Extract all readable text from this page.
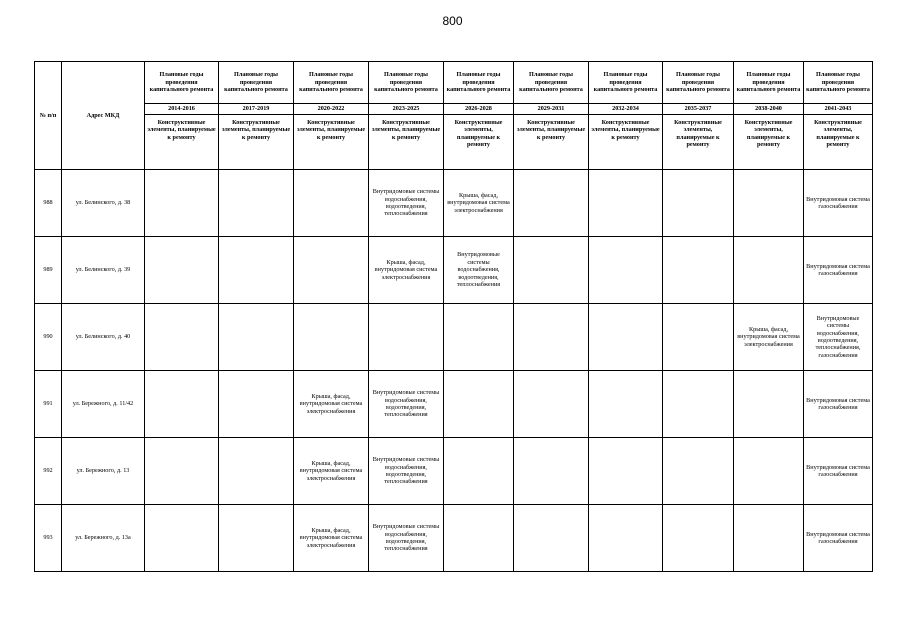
800
№ п/п	Адрес МКД	Плановые годы проведения капитального ремонта	Плановые годы проведения капитального ремонта	Плановые годы проведения капитального ремонта	Плановые годы проведения капитального ремонта	Плановые годы проведения капитального ремонта	Плановые годы проведения капитального ремонта	Плановые годы проведения капитального ремонта	Плановые годы проведения капитального ремонта	Плановые годы проведения капитального ремонта	Плановые годы проведения капитального ремонта
		2014-2016	2017-2019	2020-2022	2023-2025	2026-2028	2029-2031	2032-2034	2035-2037	2038-2040	2041-2043
		Конструктивные элементы, планируемые к ремонту	Конструктивные элементы, планируемые к ремонту	Конструктивные элементы, планируемые к ремонту	Конструктивные элементы, планируемые к ремонту	Конструктивные элементы, планируемые к ремонту	Конструктивные элементы, планируемые к ремонту	Конструктивные элементы, планируемые к ремонту	Конструктивные элементы, планируемые к ремонту	Конструктивные элементы, планируемые к ремонту	Конструктивные элементы, планируемые к ремонту
988	ул. Белинского, д. 38				Внутридомовые системы водоснабжения, водоотведения, теплоснабжения	Крыша, фасад, внутридомовая система электроснабжения					Внутридомовая система газоснабжения
989	ул. Белинского, д. 39				Крыша, фасад, внутридомовая система электроснабжения	Внутридомовые системы водоснабжения, водоотведения, теплоснабжения					Внутридомовая система газоснабжения
990	ул. Белинского, д. 40									Крыша, фасад, внутридомовая система электроснабжения	Внутридомовые системы водоснабжения, водоотведения, теплоснабжения, газоснабжения
991	ул. Бережного, д. 11/42			Крыша, фасад, внутридомовая система электроснабжения	Внутридомовые системы водоснабжения, водоотведения, теплоснабжения						Внутридомовая система газоснабжения
992	ул. Бережного, д. 13			Крыша, фасад, внутридомовая система электроснабжения	Внутридомовые системы водоснабжения, водоотведения, теплоснабжения						Внутридомовая система газоснабжения
993	ул. Бережного, д. 13а			Крыша, фасад, внутридомовая система электроснабжения	Внутридомовые системы водоснабжения, водоотведения, теплоснабжения						Внутридомовая система газоснабжения
